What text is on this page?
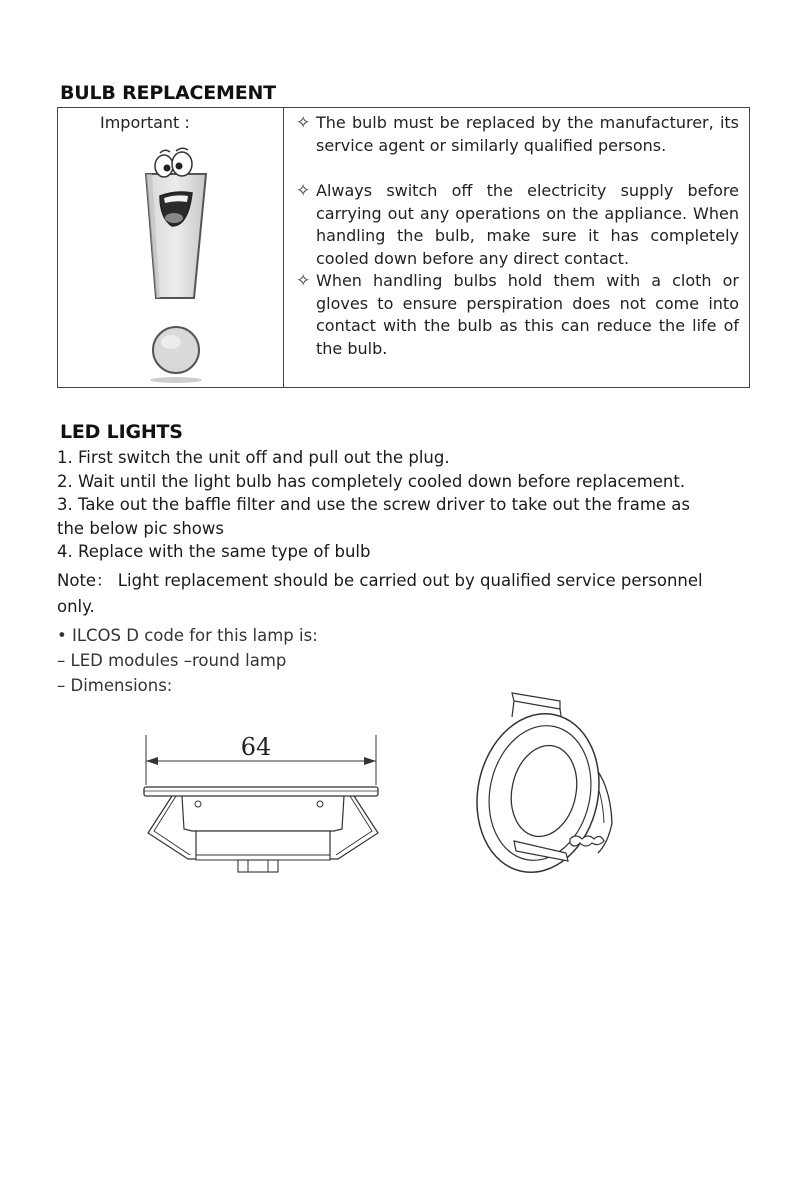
BULB REPLACEMENT
Important :	✧ The bulb must be replaced by the manufacturer, its service agent or similarly qualified persons.
✧ Always switch off the electricity supply before carrying out any operations on the appliance. When handling the bulb, make sure it has completely cooled down before any direct contact.
✧ When handling bulbs hold them with a cloth or gloves to ensure perspiration does not come into contact with the bulb as this can reduce the life of the bulb.
LED LIGHTS
1. First switch the unit off and pull out the plug.
2. Wait until the light bulb has completely cooled down before replacement.
3. Take out the baffle filter and use the screw driver to take out the frame as the below pic shows
4. Replace with the same type of bulb
Note： Light replacement should be carried out by qualified service personnel only.
• ILCOS D code for this lamp is:
– LED modules –round lamp
– Dimensions:
64
